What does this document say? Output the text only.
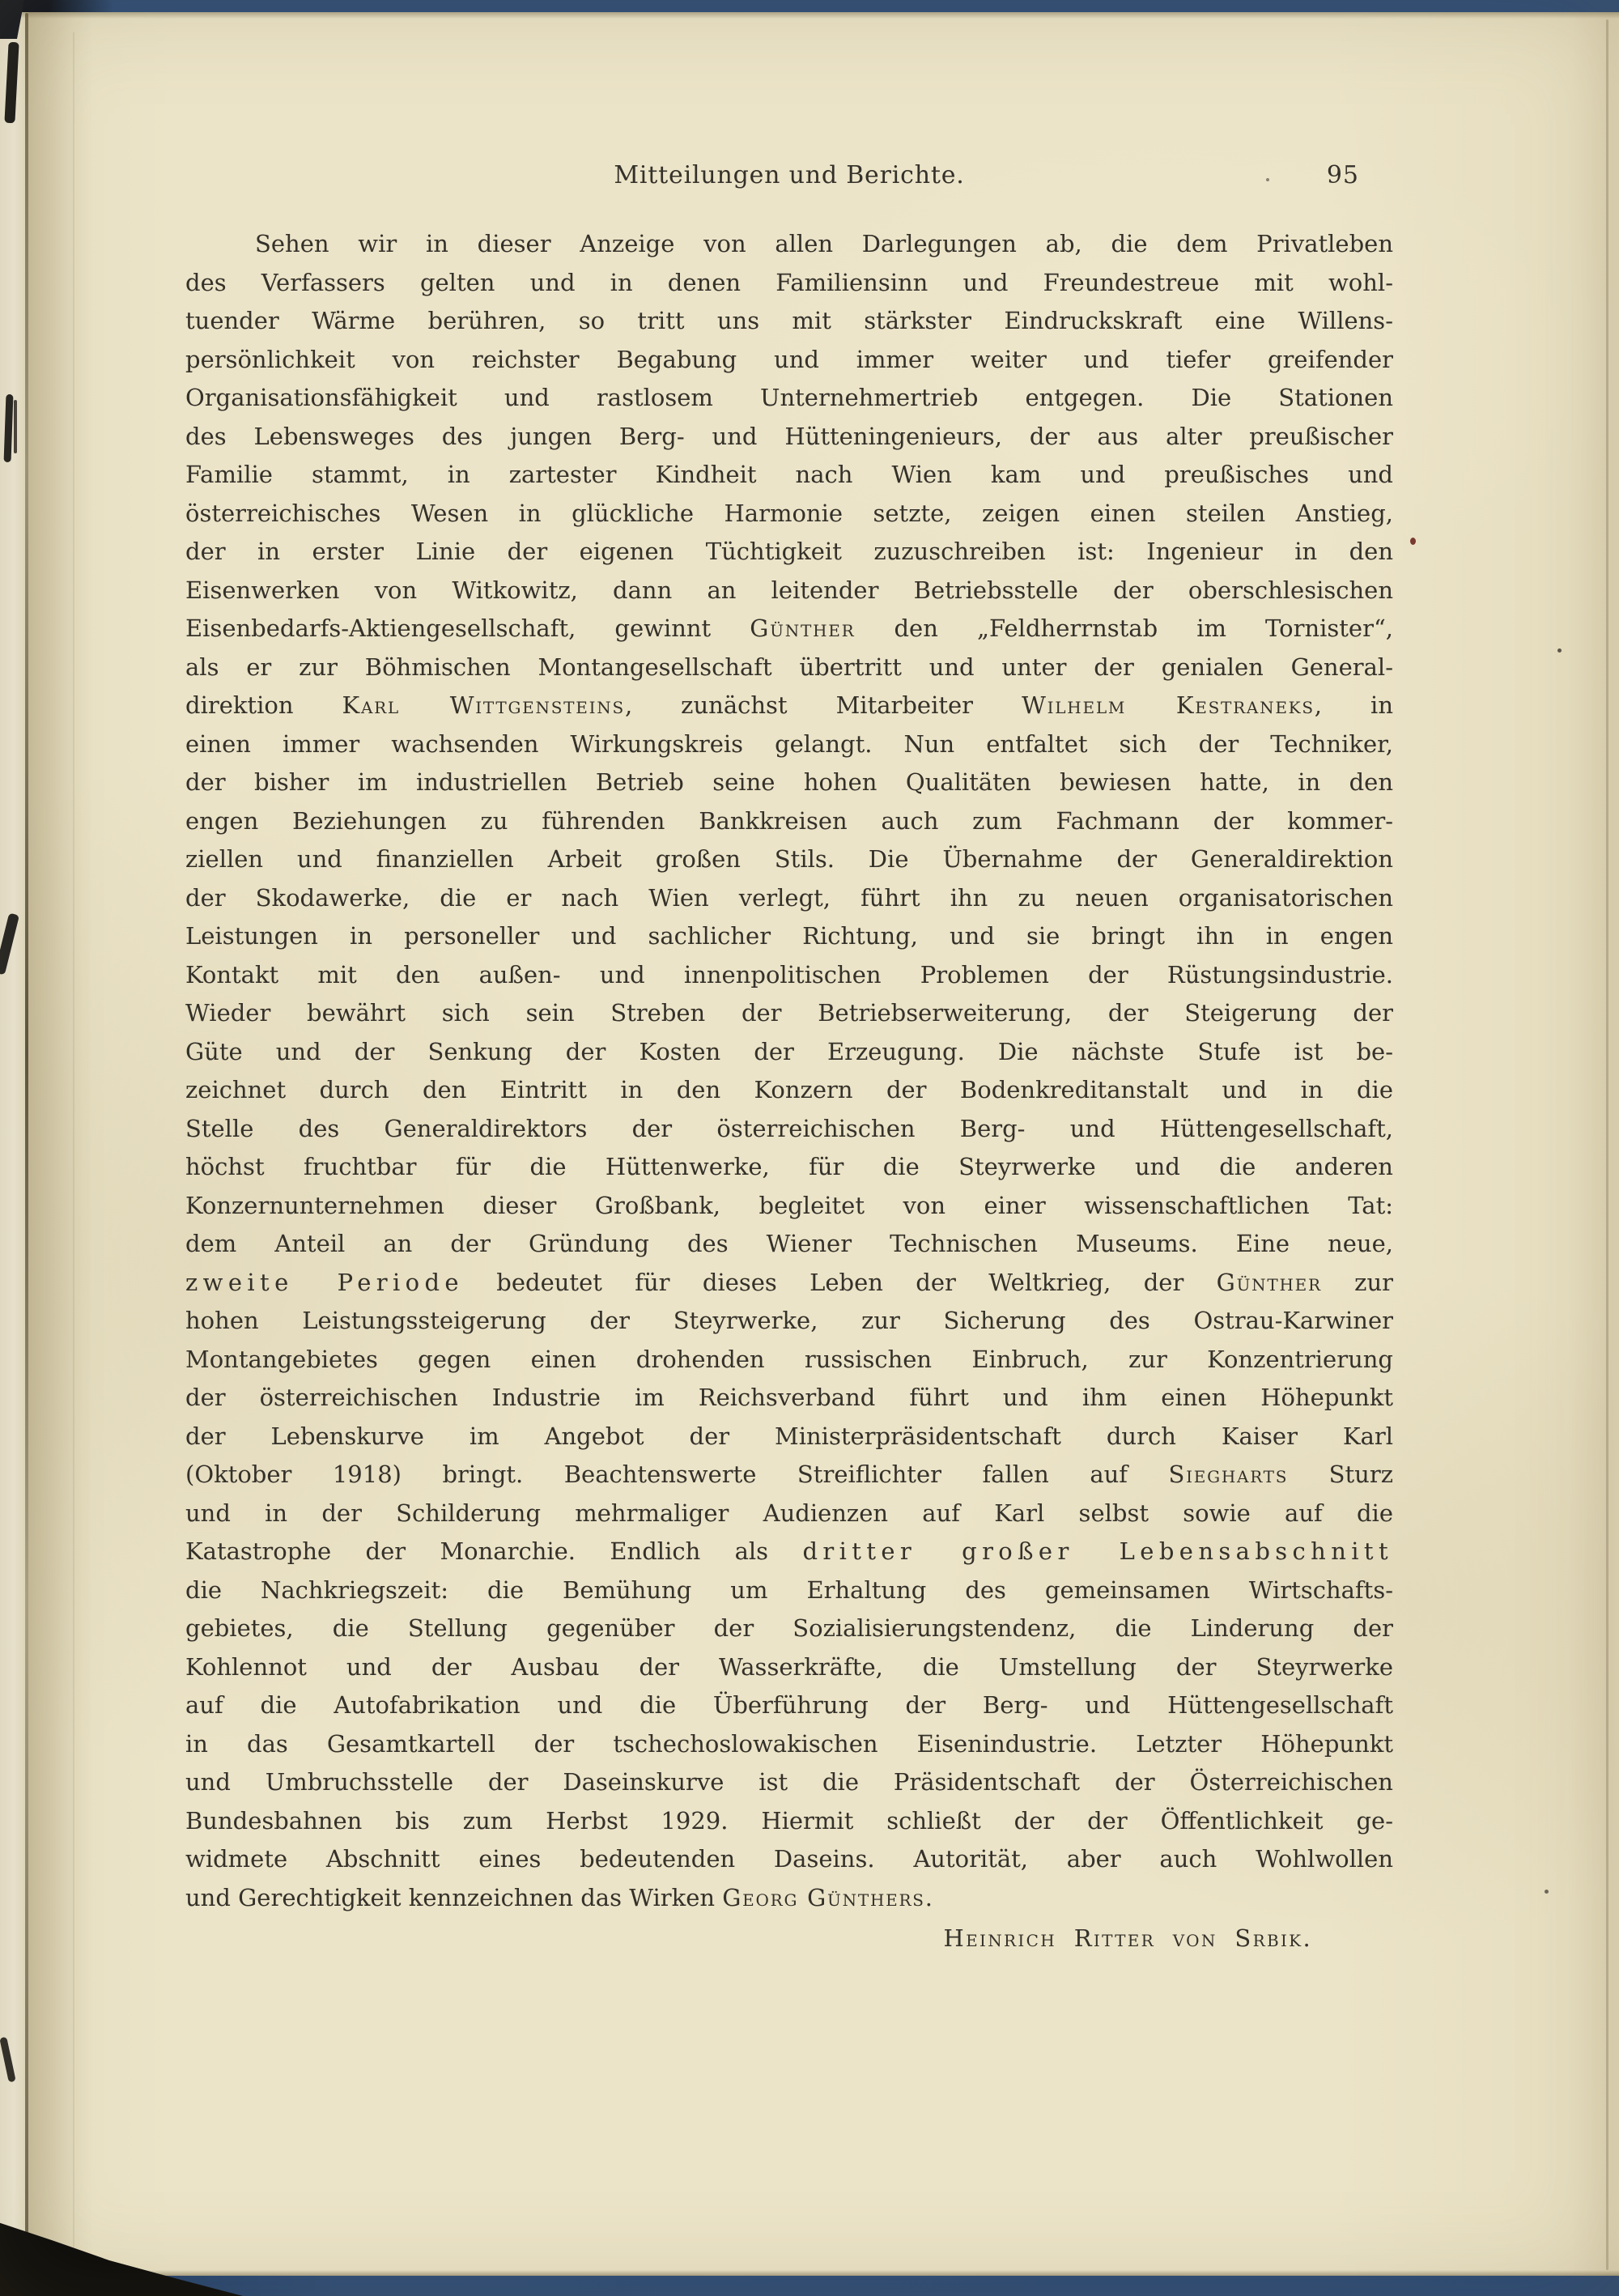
Mitteilungen und Berichte.	95
Sehen wir in dieser Anzeige von allen Darlegungen ab, die dem Privatleben
des Verfassers gelten und in denen Familiensinn und Freundestreue mit wohl-
tuender Wärme berühren, so tritt uns mit stärkster Eindruckskraft eine Willens-
persönlichkeit von reichster Begabung und immer weiter und tiefer greifender
Organisationsfähigkeit und rastlosem Unternehmertrieb entgegen. Die Stationen
des Lebensweges des jungen Berg- und Hütteningenieurs, der aus alter preußischer
Familie stammt, in zartester Kindheit nach Wien kam und preußisches und
österreichisches Wesen in glückliche Harmonie setzte, zeigen einen steilen Anstieg,
der in erster Linie der eigenen Tüchtigkeit zuzuschreiben ist: Ingenieur in den
Eisenwerken von Witkowitz, dann an leitender Betriebsstelle der oberschlesischen
Eisenbedarfs-Aktiengesellschaft, gewinnt Günther den „Feldherrnstab im Tornister“,
als er zur Böhmischen Montangesellschaft übertritt und unter der genialen General-
direktion Karl Wittgensteins, zunächst Mitarbeiter Wilhelm Kestraneks, in
einen immer wachsenden Wirkungskreis gelangt. Nun entfaltet sich der Techniker,
der bisher im industriellen Betrieb seine hohen Qualitäten bewiesen hatte, in den
engen Beziehungen zu führenden Bankkreisen auch zum Fachmann der kommer-
ziellen und finanziellen Arbeit großen Stils. Die Übernahme der Generaldirektion
der Skodawerke, die er nach Wien verlegt, führt ihn zu neuen organisatorischen
Leistungen in personeller und sachlicher Richtung, und sie bringt ihn in engen
Kontakt mit den außen- und innenpolitischen Problemen der Rüstungsindustrie.
Wieder bewährt sich sein Streben der Betriebserweiterung, der Steigerung der
Güte und der Senkung der Kosten der Erzeugung. Die nächste Stufe ist be-
zeichnet durch den Eintritt in den Konzern der Bodenkreditanstalt und in die
Stelle des Generaldirektors der österreichischen Berg- und Hüttengesellschaft,
höchst fruchtbar für die Hüttenwerke, für die Steyrwerke und die anderen
Konzernunternehmen dieser Großbank, begleitet von einer wissenschaftlichen Tat:
dem Anteil an der Gründung des Wiener Technischen Museums. Eine neue,
zweite Periode bedeutet für dieses Leben der Weltkrieg, der Günther zur
hohen Leistungssteigerung der Steyrwerke, zur Sicherung des Ostrau-Karwiner
Montangebietes gegen einen drohenden russischen Einbruch, zur Konzentrierung
der österreichischen Industrie im Reichsverband führt und ihm einen Höhepunkt
der Lebenskurve im Angebot der Ministerpräsidentschaft durch Kaiser Karl
(Oktober 1918) bringt. Beachtenswerte Streiflichter fallen auf Siegharts Sturz
und in der Schilderung mehrmaliger Audienzen auf Karl selbst sowie auf die
Katastrophe der Monarchie. Endlich als dritter großer Lebensabschnitt
die Nachkriegszeit: die Bemühung um Erhaltung des gemeinsamen Wirtschafts-
gebietes, die Stellung gegenüber der Sozialisierungstendenz, die Linderung der
Kohlennot und der Ausbau der Wasserkräfte, die Umstellung der Steyrwerke
auf die Autofabrikation und die Überführung der Berg- und Hüttengesellschaft
in das Gesamtkartell der tschechoslowakischen Eisenindustrie. Letzter Höhepunkt
und Umbruchsstelle der Daseinskurve ist die Präsidentschaft der Österreichischen
Bundesbahnen bis zum Herbst 1929. Hiermit schließt der der Öffentlichkeit ge-
widmete Abschnitt eines bedeutenden Daseins. Autorität, aber auch Wohlwollen
und Gerechtigkeit kennzeichnen das Wirken Georg Günthers.
Heinrich Ritter von Srbik.
